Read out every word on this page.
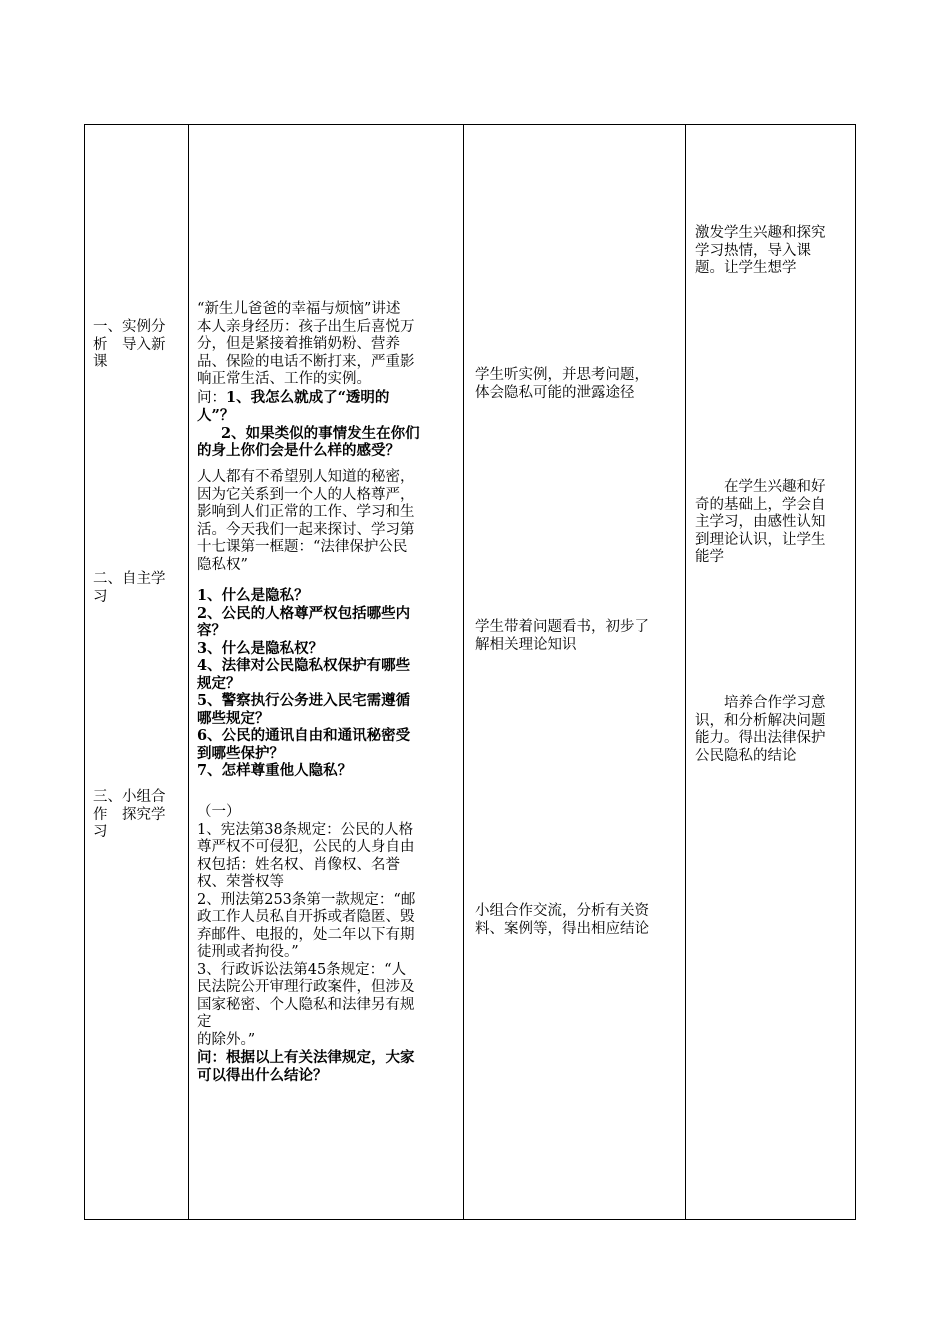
一、实例分
析　导入新
课
二、自主学
习
三、小组合
作　探究学
习
“新生儿爸爸的幸福与烦恼”讲述
本人亲身经历：孩子出生后喜悦万
分，但是紧接着推销奶粉、营养
品、保险的电话不断打来，严重影
响正常生活、工作的实例。
问：1、我怎么就成了“透明的
人”？
2、如果类似的事情发生在你们
的身上你们会是什么样的感受？
人人都有不希望别人知道的秘密，
因为它关系到一个人的人格尊严，
影响到人们正常的工作、学习和生
活。今天我们一起来探讨、学习第
十七课第一框题：“法律保护公民
隐私权”
1、什么是隐私？
2、公民的人格尊严权包括哪些内
容？
3、什么是隐私权？
4、法律对公民隐私权保护有哪些
规定？
5、警察执行公务进入民宅需遵循
哪些规定？
6、公民的通讯自由和通讯秘密受
到哪些保护？
7、怎样尊重他人隐私？
（一）
1、宪法第38条规定：公民的人格
尊严权不可侵犯，公民的人身自由
权包括：姓名权、肖像权、名誉
权、荣誉权等
2、刑法第253条第一款规定：“邮
政工作人员私自开拆或者隐匿、毁
弃邮件、电报的，处二年以下有期
徒刑或者拘役。”
3、行政诉讼法第45条规定：“人
民法院公开审理行政案件，但涉及
国家秘密、个人隐私和法律另有规
定
的除外。”
问：根据以上有关法律规定，大家
可以得出什么结论？
学生听实例，并思考问题，
体会隐私可能的泄露途径
学生带着问题看书，初步了
解相关理论知识
小组合作交流，分析有关资
料、案例等，得出相应结论
激发学生兴趣和探究
学习热情，导入课
题。让学生想学
　　在学生兴趣和好
奇的基础上，学会自
主学习，由感性认知
到理论认识，让学生
能学
　　培养合作学习意
识，和分析解决问题
能力。得出法律保护
公民隐私的结论
